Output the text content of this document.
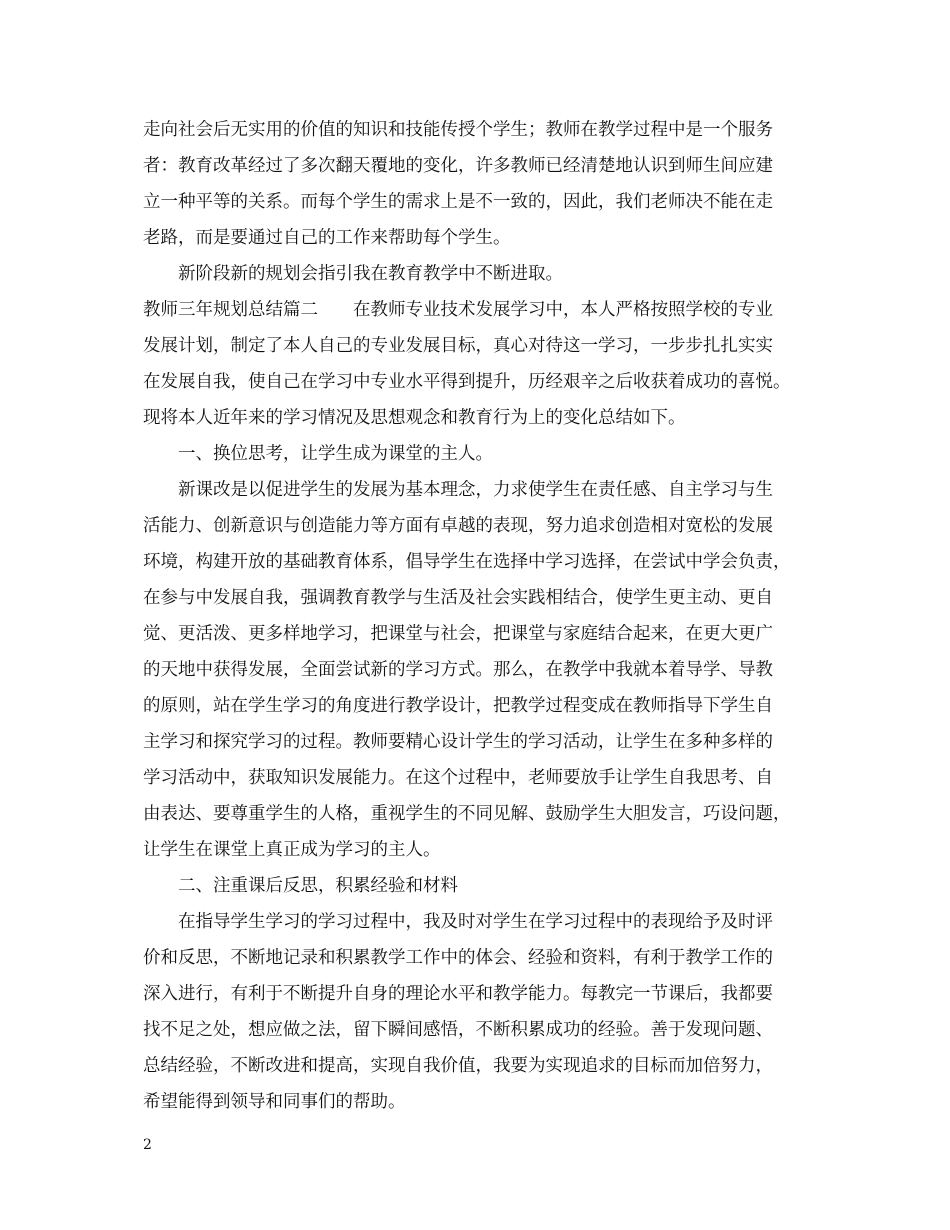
走向社会后无实用的价值的知识和技能传授个学生；教师在教学过程中是一个服务
者：教育改革经过了多次翻天覆地的变化，许多教师已经清楚地认识到师生间应建
立一种平等的关系。而每个学生的需求上是不一致的，因此，我们老师决不能在走
老路，而是要通过自己的工作来帮助每个学生。
新阶段新的规划会指引我在教育教学中不断进取。
教师三年规划总结篇二　　在教师专业技术发展学习中，本人严格按照学校的专业
发展计划，制定了本人自己的专业发展目标，真心对待这一学习，一步步扎扎实实
在发展自我，使自己在学习中专业水平得到提升，历经艰辛之后收获着成功的喜悦。
现将本人近年来的学习情况及思想观念和教育行为上的变化总结如下。
一、换位思考，让学生成为课堂的主人。
新课改是以促进学生的发展为基本理念，力求使学生在责任感、自主学习与生
活能力、创新意识与创造能力等方面有卓越的表现，努力追求创造相对宽松的发展
环境，构建开放的基础教育体系，倡导学生在选择中学习选择，在尝试中学会负责，
在参与中发展自我，强调教育教学与生活及社会实践相结合，使学生更主动、更自
觉、更活泼、更多样地学习，把课堂与社会，把课堂与家庭结合起来，在更大更广
的天地中获得发展，全面尝试新的学习方式。那么，在教学中我就本着导学、导教
的原则，站在学生学习的角度进行教学设计，把教学过程变成在教师指导下学生自
主学习和探究学习的过程。教师要精心设计学生的学习活动，让学生在多种多样的
学习活动中，获取知识发展能力。在这个过程中，老师要放手让学生自我思考、自
由表达、要尊重学生的人格，重视学生的不同见解、鼓励学生大胆发言，巧设问题，
让学生在课堂上真正成为学习的主人。
二、注重课后反思，积累经验和材料
在指导学生学习的学习过程中，我及时对学生在学习过程中的表现给予及时评
价和反思，不断地记录和积累教学工作中的体会、经验和资料，有利于教学工作的
深入进行，有利于不断提升自身的理论水平和教学能力。每教完一节课后，我都要
找不足之处，想应做之法，留下瞬间感悟，不断积累成功的经验。善于发现问题、
总结经验，不断改进和提高，实现自我价值，我要为实现追求的目标而加倍努力，
希望能得到领导和同事们的帮助。
2
